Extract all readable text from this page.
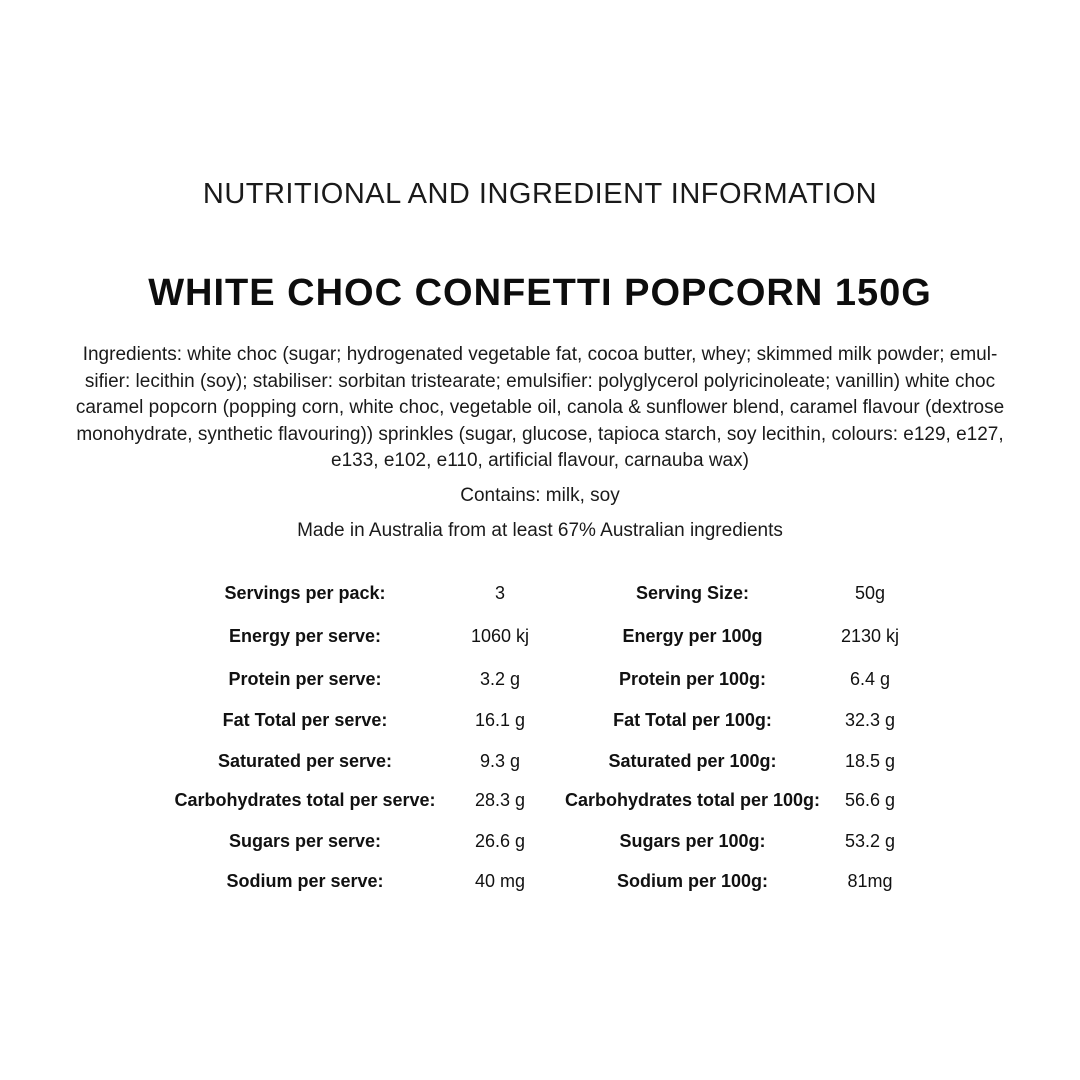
NUTRITIONAL AND INGREDIENT INFORMATION
WHITE CHOC CONFETTI POPCORN 150G
Ingredients: white choc (sugar; hydrogenated vegetable fat, cocoa butter, whey; skimmed milk powder; emul-
sifier: lecithin (soy); stabiliser: sorbitan tristearate; emulsifier: polyglycerol polyricinoleate; vanillin) white choc
caramel popcorn (popping corn, white choc, vegetable oil, canola & sunflower blend, caramel flavour (dextrose
monohydrate, synthetic flavouring)) sprinkles (sugar, glucose, tapioca starch, soy lecithin, colours: e129, e127,
e133, e102, e110, artificial flavour, carnauba wax)
Contains: milk, soy
Made in Australia from at least 67% Australian ingredients
Servings per pack:	3	Serving Size:	50g
Energy per serve:	1060 kj	Energy per 100g	2130 kj
Protein per serve:	3.2 g	Protein per 100g:	6.4 g
Fat Total per serve:	16.1 g	Fat Total per 100g:	32.3 g
Saturated per serve:	9.3 g	Saturated per 100g:	18.5 g
Carbohydrates total per serve:	28.3 g	Carbohydrates total per 100g:	56.6 g
Sugars per serve:	26.6 g	Sugars per 100g:	53.2 g
Sodium per serve:	40 mg	Sodium per 100g:	81mg
